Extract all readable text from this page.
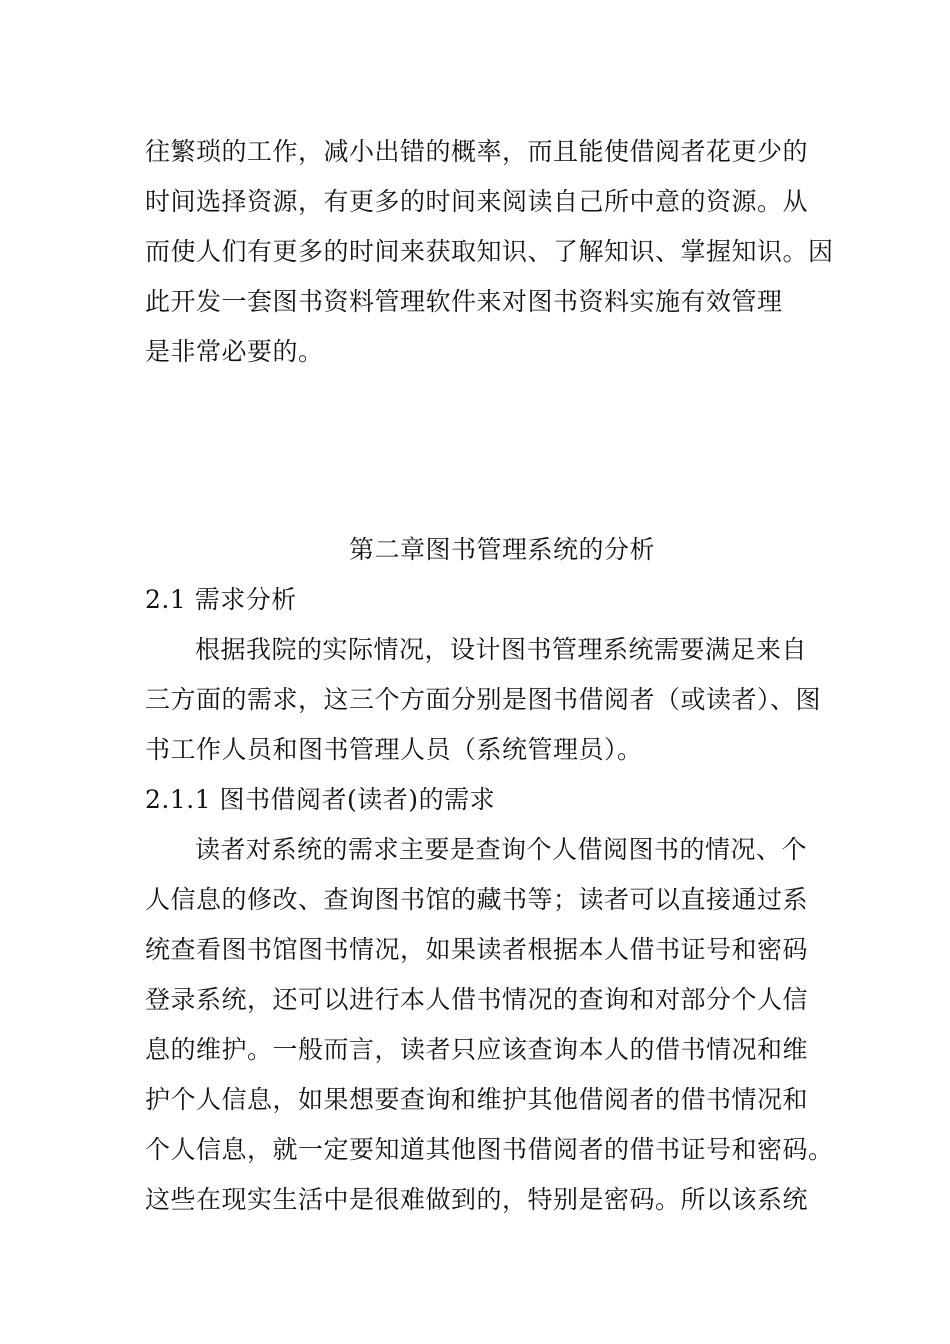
往繁琐的工作，减小出错的概率，而且能使借阅者花更少的
时间选择资源，有更多的时间来阅读自己所中意的资源。从
而使人们有更多的时间来获取知识、了解知识、掌握知识。因
此开发一套图书资料管理软件来对图书资料实施有效管理
是非常必要的。
第二章图书管理系统的分析
2.1 需求分析
根据我院的实际情况，设计图书管理系统需要满足来自
三方面的需求，这三个方面分别是图书借阅者（或读者）、图
书工作人员和图书管理人员（系统管理员）。
2.1.1 图书借阅者(读者)的需求
读者对系统的需求主要是查询个人借阅图书的情况、个
人信息的修改、查询图书馆的藏书等；读者可以直接通过系
统查看图书馆图书情况，如果读者根据本人借书证号和密码
登录系统，还可以进行本人借书情况的查询和对部分个人信
息的维护。一般而言，读者只应该查询本人的借书情况和维
护个人信息，如果想要查询和维护其他借阅者的借书情况和
个人信息，就一定要知道其他图书借阅者的借书证号和密码。
这些在现实生活中是很难做到的，特别是密码。所以该系统
